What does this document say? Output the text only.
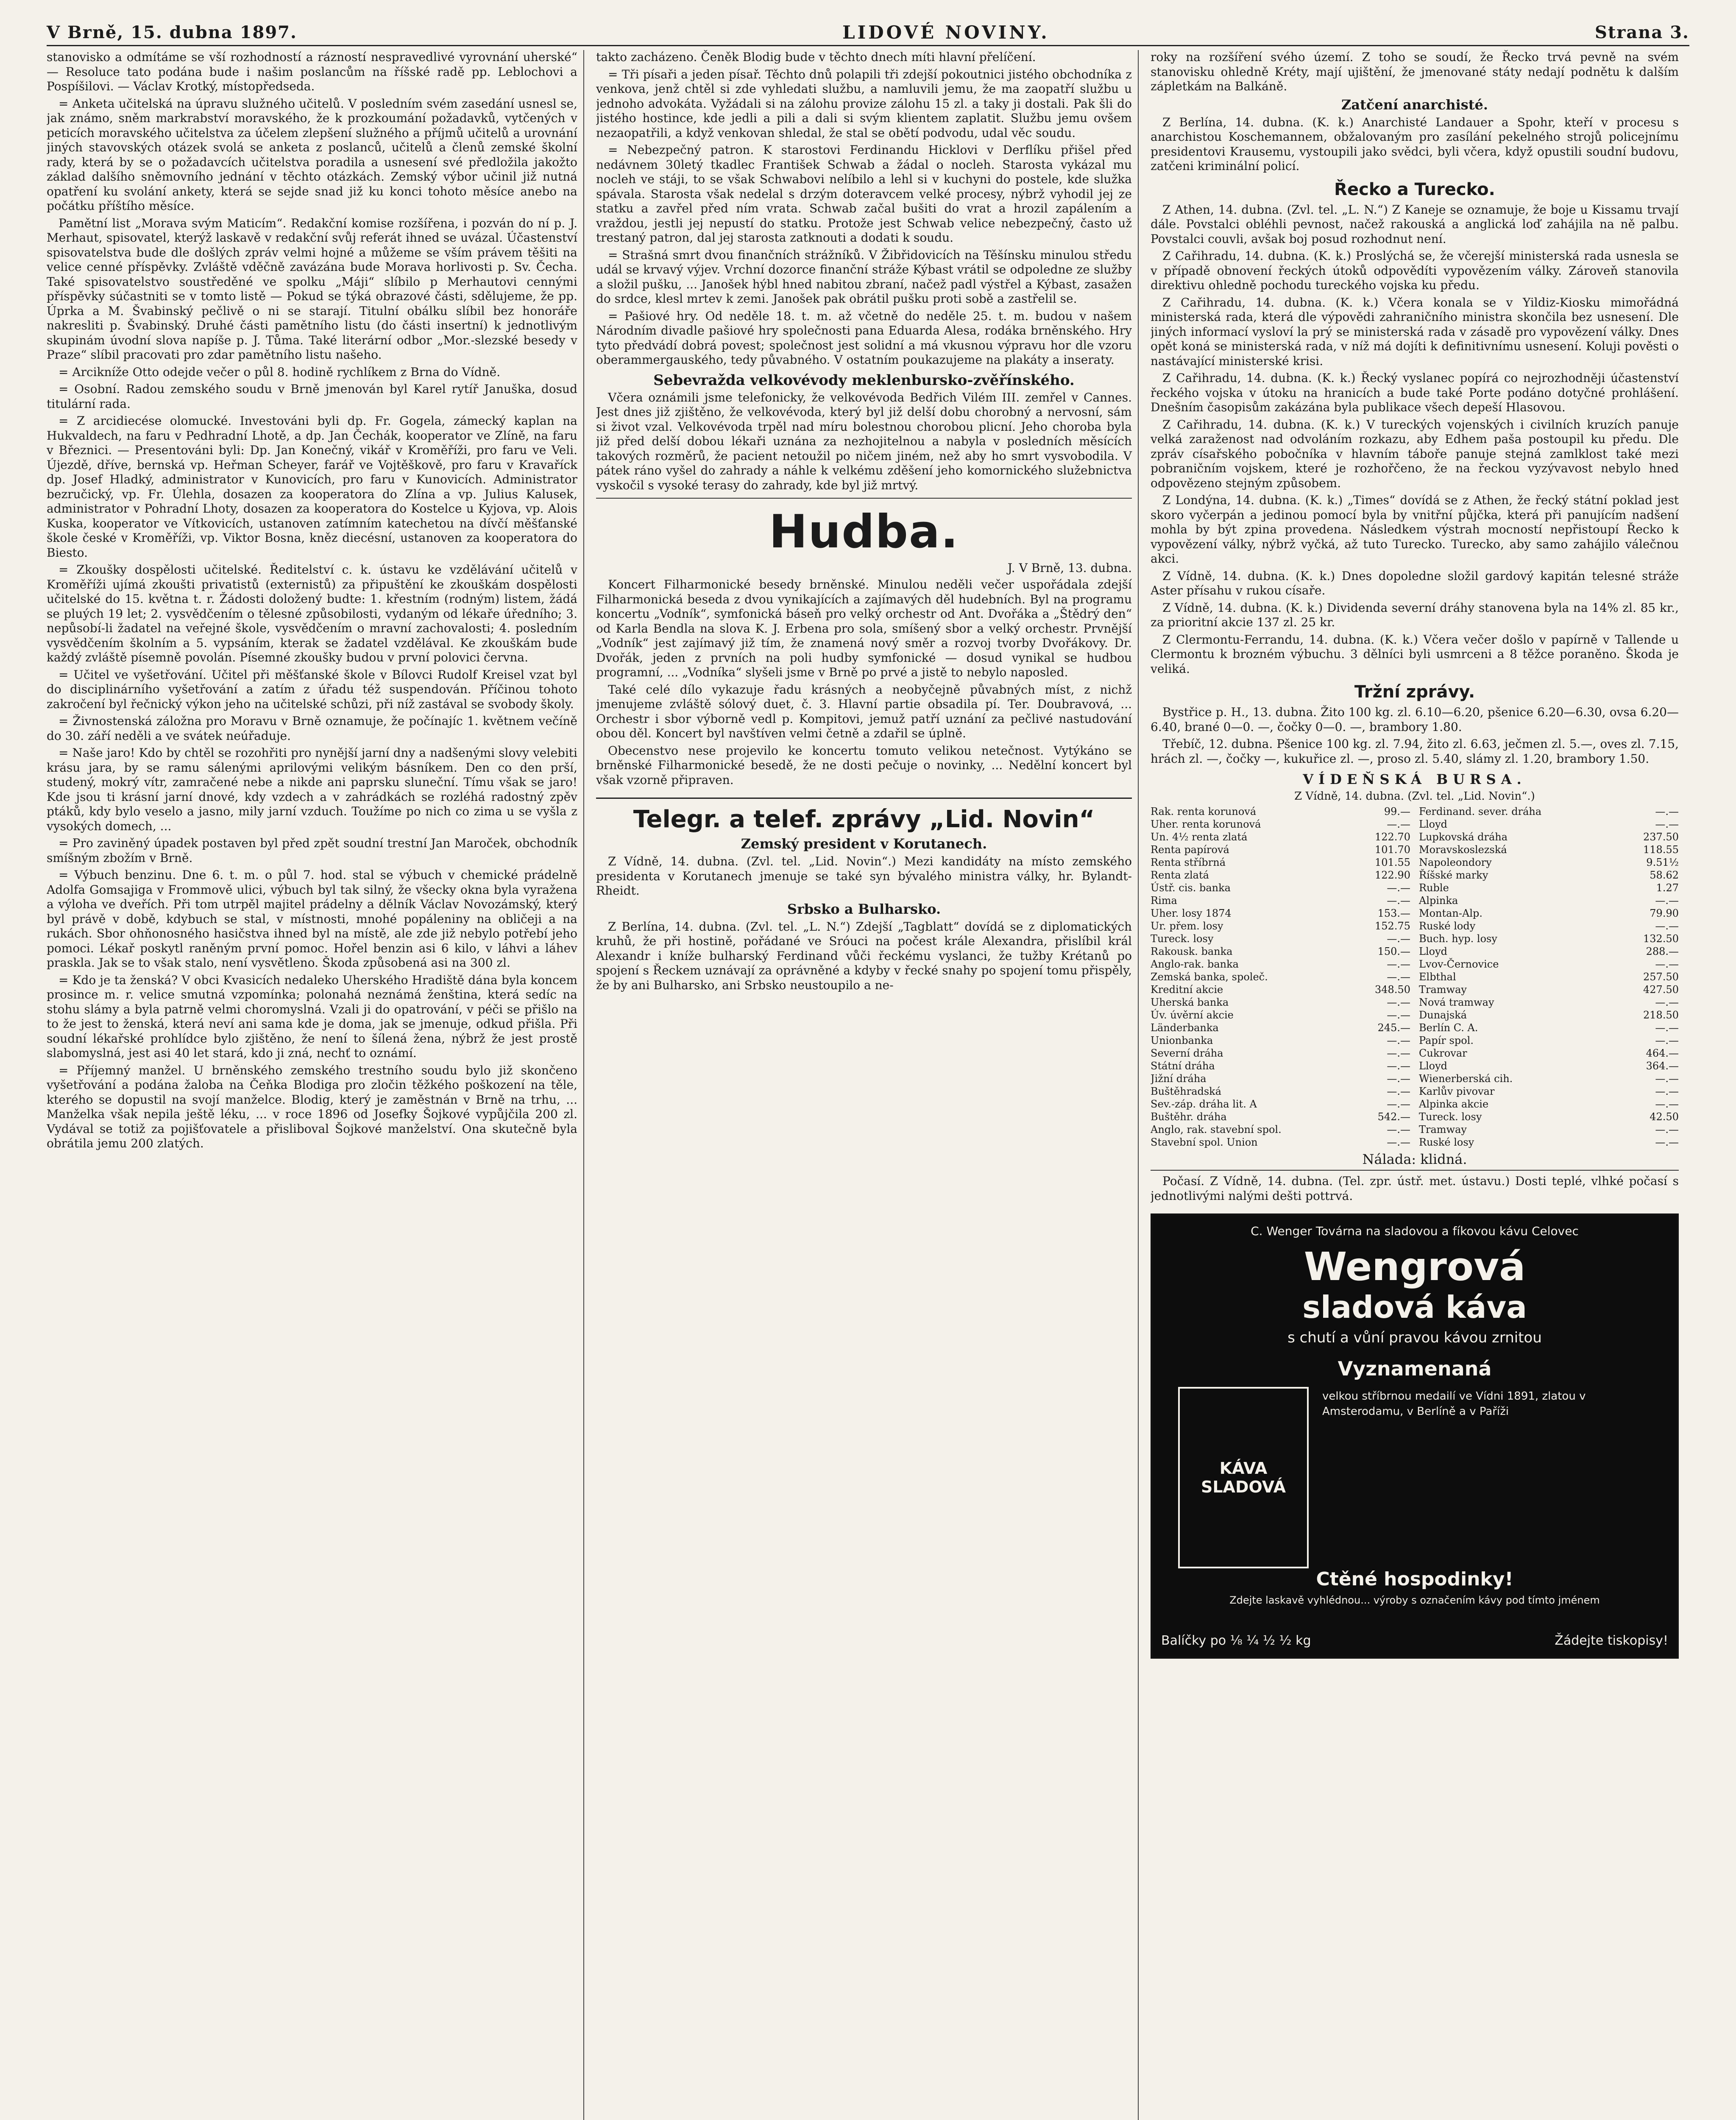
V Brně, 15. dubna 1897.	LIDOVÉ NOVINY.	Strana 3.

stanovisko a odmítáme se vší rozhodností a rázností nespravedlivé vyrovnání uherské“ — Resoluce tato podána bude i našim poslancům na říšské radě pp. Leblochovi a Pospíšilovi. — Václav Krotký, místopředseda.

= Anketa učitelská na úpravu služného učitelů. V posledním svém zasedání usnesl se, jak známo, sněm markrabství moravského, že k prozkoumání požadavků, vytčených v peticích moravského učitelstva za účelem zlepšení služného a příjmů učitelů a urovnání jiných stavovských otázek svolá se anketa z poslanců, učitelů a členů zemské školní rady, která by se o požadavcích učitelstva poradila a usnesení své předložila jakožto základ dalšího sněmovního jednání v těchto otázkách. Zemský výbor učinil již nutná opatření ku svolání ankety, která se sejde snad již ku konci tohoto měsíce anebo na počátku příštího měsíce.

Pamětní list „Morava svým Maticím“. Redakční komise rozšířena, i pozván do ní p. J. Merhaut, spisovatel, kterýž laskavě v redakční svůj referát ihned se uvázal. Účastenství spisovatelstva bude dle došlých zpráv velmi hojné a můžeme se vším právem těšiti na velice cenné příspěvky. Zvláště vděčně zavázána bude Morava horlivosti p. Sv. Čecha. Také spisovatelstvo soustředěné ve spolku „Máji“ slíbilo p Merhautovi cennými příspěvky súčastniti se v tomto listě — Pokud se týká obrazové části, sdělujeme, že pp. Úprka a M. Švabinský pečlivě o ni se starají. Titulní obálku slíbil bez honoráře nakresliti p. Švabinský. Druhé části pamětního listu (do části insertní) k jednotlivým skupinám úvodní slova napíše p. J. Tůma. Také literární odbor „Mor.-slezské besedy v Praze“ slíbil pracovati pro zdar pamětního listu našeho.

= Arcikníže Otto odejde večer o půl 8. hodině rychlíkem z Brna do Vídně.

= Osobní. Radou zemského soudu v Brně jmenován byl Karel rytíř Januška, dosud titulární rada.

= Z arcidiecése olomucké. Investováni byli dp. Fr. Gogela, zámecký kaplan na Hukvaldech, na faru v Pedhradní Lhotě, a dp. Jan Čechák, kooperator ve Zlíně, na faru v Březnici. — Presentováni byli: Dp. Jan Konečný, vikář v Kroměříži, pro faru ve Veli. Újezdě, dříve, bernská vp. Heřman Scheyer, farář ve Vojtěškově, pro faru v Kravaříck dp. Josef Hladký, administrator v Kunovicích, pro faru v Kunovicích. Administrator bezručický, vp. Fr. Úlehla, dosazen za kooperatora do Zlína a vp. Julius Kalusek, administrator v Pohradní Lhoty, dosazen za kooperatora do Kostelce u Kyjova, vp. Alois Kuska, kooperator ve Vítkovicích, ustanoven zatímním katechetou na dívčí měšťanské škole české v Kroměříži, vp. Viktor Bosna, kněz diecésní, ustanoven za kooperatora do Biesto.

= Zkoušky dospělosti učitelské. Ředitelství c. k. ústavu ke vzdělávání učitelů v Kroměříži ujímá zkoušti privatistů (externistů) za připuštění ke zkouškám dospělosti učitelské do 15. května t. r. Žádosti doložený budte: 1. křestním (rodným) listem, žádá se pluých 19 let; 2. vysvědčením o tělesné způsobilosti, vydaným od lékaře úředního; 3. nepůsobí-li žadatel na veřejné škole, vysvědčením o mravní zachovalosti; 4. posledním vysvědčením školním a 5. vypsáním, kterak se žadatel vzdělával. Ke zkouškám bude každý zvláště písemně povolán. Písemné zkoušky budou v první polovici června.

= Učitel ve vyšetřování. Učitel při měšťanské škole v Bílovci Rudolf Kreisel vzat byl do disciplinárního vyšetřování a zatím z úřadu též suspendován. Příčinou tohoto zakročení byl řečnický výkon jeho na učitelské schůzi, při níž zastával se svobody školy.

= Živnostenská záložna pro Moravu v Brně oznamuje, že počínajíc 1. květnem večíně do 30. září neděli a ve svátek neúřaduje.

= Naše jaro! Kdo by chtěl se rozohřiti pro nynější jarní dny a nadšenými slovy velebiti krásu jara, by se ramu sálenými aprilovými velikým básníkem. Den co den prší, studený, mokrý vítr, zamračené nebe a nikde ani paprsku sluneční. Tímu však se jaro! Kde jsou ti krásní jarní dnové, kdy vzdech a v zahrádkách se rozléhá radostný zpěv ptáků, kdy bylo veselo a jasno, mily jarní vzduch. Toužíme po nich co zima u se vyšla z vysokých domech, ...

= Pro zaviněný úpadek postaven byl před zpět soudní trestní Jan Maroček, obchodník smíšným zbožím v Brně.

= Výbuch benzinu. Dne 6. t. m. o půl 7. hod. stal se výbuch v chemické prádelně Adolfa Gomsajiga v Frommově ulici, výbuch byl tak silný, že všecky okna byla vyražena a výloha ve dveřích. Při tom utrpěl majitel prádelny a dělník Václav Novozámský, který byl právě v době, kdybuch se stal, v místnosti, mnohé popáleniny na obličeji a na rukách. Sbor ohňonosného hasičstva ihned byl na místě, ale zde již nebylo potřebí jeho pomoci. Lékař poskytl raněným první pomoc. Hořel benzin asi 6 kilo, v láhvi a láhev praskla. Jak se to však stalo, není vysvětleno. Škoda způsobená asi na 300 zl.

= Kdo je ta ženská? V obci Kvasicích nedaleko Uherského Hradiště dána byla koncem prosince m. r. velice smutná vzpomínka; polonahá neznámá ženština, která sedíc na stohu slámy a byla patrně velmi choromyslná. Vzali ji do opatrování, v péči se přišlo na to že jest to ženská, která neví ani sama kde je doma, jak se jmenuje, odkud přišla. Při soudní lékařské prohlídce bylo zjištěno, že není to šílená žena, nýbrž že jest prostě slabomyslná, jest asi 40 let stará, kdo ji zná, nechť to oznámí.

= Příjemný manžel. U brněnského zemského trestního soudu bylo již skončeno vyšetřování a podána žaloba na Čeňka Blodiga pro zločin těžkého poškození na těle, kterého se dopustil na svojí manželce. Blodig, který je zaměstnán v Brně na trhu, ... Manželka však nepila ještě léku, ... v roce 1896 od Josefky Šojkové vypůjčila 200 zl. Vydával se totiž za pojišťovatele a přisliboval Šojkové manželství. Ona skutečně byla obrátila jemu 200 zlatých.

takto zacházeno. Čeněk Blodig bude v těchto dnech míti hlavní přelíčení.

= Tři písaři a jeden písař. Těchto dnů polapili tři zdejší pokoutnici jistého obchodníka z venkova, jenž chtěl si zde vyhledati službu, a namluvili jemu, že ma zaopatří službu u jednoho advokáta. Vyžádali si na zálohu provize zálohu 15 zl. a taky ji dostali. Pak šli do jistého hostince, kde jedli a pili a dali si svým klientem zaplatit. Službu jemu ovšem nezaopatřili, a když venkovan shledal, že stal se obětí podvodu, udal věc soudu.

= Nebezpečný patron. K starostovi Ferdinandu Hicklovi v Derflíku přišel před nedávnem 30letý tkadlec František Schwab a žádal o nocleh. Starosta vykázal mu nocleh ve stáji, to se však Schwabovi nelíbilo a lehl si v kuchyni do postele, kde služka spávala. Starosta však nedelal s drzým doteravcem velké procesy, nýbrž vyhodil jej ze statku a zavřel před ním vrata. Schwab začal bušiti do vrat a hrozil zapálením a vraždou, jestli jej nepustí do statku. Protože jest Schwab velice nebezpečný, často už trestaný patron, dal jej starosta zatknouti a dodati k soudu.

= Strašná smrt dvou finančních strážníků. V Žibřidovicích na Těšínsku minulou středu udál se krvavý výjev. Vrchní dozorce finanční stráže Kýbast vrátil se odpoledne ze služby a složil pušku, ... Janošek hýbl hned nabitou zbraní, načež padl výstřel a Kýbast, zasažen do srdce, klesl mrtev k zemi. Janošek pak obrátil pušku proti sobě a zastřelil se.

= Pašiové hry. Od neděle 18. t. m. až včetně do neděle 25. t. m. budou v našem Národním divadle pašiové hry společnosti pana Eduarda Alesa, rodáka brněnského. Hry tyto předvádí dobrá povest; společnost jest solidní a má vkusnou výpravu hor dle vzoru oberammergauského, tedy půvabného. V ostatním poukazujeme na plakáty a inseraty.

Sebevražda velkovévody meklenbursko-zvěřínského.

Včera oznámili jsme telefonicky, že velkovévoda Bedřich Vilém III. zemřel v Cannes. Jest dnes již zjištěno, že velkovévoda, který byl již delší dobu chorobný a nervosní, sám si život vzal. Velkovévoda trpěl nad míru bolestnou chorobou plicní. Jeho choroba byla již před delší dobou lékaři uznána za nezhojitelnou a nabyla v posledních měsících takových rozměrů, že pacient netoužil po ničem jiném, než aby ho smrt vysvobodila. V pátek ráno vyšel do zahrady a náhle k velkému zděšení jeho komornického služebnictva vyskočil s vysoké terasy do zahrady, kde byl již mrtvý.

Hudba.
J. V Brně, 13. dubna.

Koncert Filharmonické besedy brněnské. Minulou neděli večer uspořádala zdejší Filharmonická beseda z dvou vynikajících a zajímavých děl hudebních. Byl na programu koncertu „Vodník“, symfonická báseň pro velký orchestr od Ant. Dvořáka a „Štědrý den“ od Karla Bendla na slova K. J. Erbena pro sola, smíšený sbor a velký orchestr. Prvnější „Vodník“ jest zajímavý již tím, že znamená nový směr a rozvoj tvorby Dvořákovy. Dr. Dvořák, jeden z prvních na poli hudby symfonické — dosud vynikal se hudbou programní, ... „Vodníka“ slyšeli jsme v Brně po prvé a jistě to nebylo naposled.

Také celé dílo vykazuje řadu krásných a neobyčejně půvabných míst, z nichž jmenujeme zvláště sólový duet, č. 3. Hlavní partie obsadila pí. Ter. Doubravová, ... Orchestr i sbor výborně vedl p. Kompitovi, jemuž patří uznání za pečlivé nastudování obou děl. Koncert byl navštíven velmi četně a zdařil se úplně.

Obecenstvo nese projevilo ke koncertu tomuto velikou netečnost. Vytýkáno se brněnské Filharmonické besedě, že ne dosti pečuje o novinky, ... Nedělní koncert byl však vzorně připraven.

Telegr. a telef. zprávy „Lid. Novin“
Zemský president v Korutanech.

Z Vídně, 14. dubna. (Zvl. tel. „Lid. Novin“.) Mezi kandidáty na místo zemského presidenta v Korutanech jmenuje se také syn bývalého ministra války, hr. Bylandt-Rheidt.

Srbsko a Bulharsko.

Z Berlína, 14. dubna. (Zvl. tel. „L. N.“) Zdejší „Tagblatt“ dovídá se z diplomatických kruhů, že při hostině, pořádané ve Sróuci na počest krále Alexandra, přislíbil král Alexandr i kníže bulharský Ferdinand vůči řeckému vyslanci, že tužby Krétanů po spojení s Řeckem uznávají za oprávněné a kdyby v řecké snahy po spojení tomu přispěly, že by ani Bulharsko, ani Srbsko neustoupilo a ne-

roky na rozšíření svého území. Z toho se soudí, že Řecko trvá pevně na svém stanovisku ohledně Kréty, mají ujištění, že jmenované státy nedají podnětu k dalším zápletkám na Balkáně.

Zatčení anarchisté.

Z Berlína, 14. dubna. (K. k.) Anarchisté Landauer a Spohr, kteří v procesu s anarchistou Koschemannem, obžalovaným pro zasílání pekelného strojů policejnímu presidentovi Krausemu, vystoupili jako svědci, byli včera, když opustili soudní budovu, zatčeni kriminální policí.

Řecko a Turecko.

Z Athen, 14. dubna. (Zvl. tel. „L. N.“) Z Kaneje se oznamuje, že boje u Kissamu trvají dále. Povstalci obléhli pevnost, načež rakouská a anglická loď zahájila na ně palbu. Povstalci couvli, avšak boj posud rozhodnut není.

Z Cařihradu, 14. dubna. (K. k.) Proslýchá se, že včerejší ministerská rada usnesla se v případě obnovení řeckých útoků odpovědíti vypovězením války. Zároveň stanovila direktivu ohledně pochodu tureckého vojska ku předu.

Z Cařihradu, 14. dubna. (K. k.) Včera konala se v Yildiz-Kiosku mimořádná ministerská rada, která dle výpovědi zahraničního ministra skončila bez usnesení. Dle jiných informací vysloví la prý se ministerská rada v zásadě pro vypovězení války. Dnes opět koná se ministerská rada, v níž má dojíti k definitivnímu usnesení. Koluji pověsti o nastávající ministerské krisi.

Z Cařihradu, 14. dubna. (K. k.) Řecký vyslanec popírá co nejrozhodněji účastenství řeckého vojska v útoku na hranicích a bude také Porte podáno dotyčné prohlášení. Dnešním časopisům zakázána byla publikace všech depeší Hlasovou.

Z Cařihradu, 14. dubna. (K. k.) V tureckých vojenských i civilních kruzích panuje velká zaraženost nad odvoláním rozkazu, aby Edhem paša postoupil ku předu. Dle zpráv císařského pobočníka v hlavním táboře panuje stejná zamlklost také mezi pobraničním vojskem, které je rozhořčeno, že na řeckou vyzývavost nebylo hned odpovězeno stejným způsobem.

Z Londýna, 14. dubna. (K. k.) „Times“ dovídá se z Athen, že řecký státní poklad jest skoro vyčerpán a jedinou pomocí byla by vnitřní půjčka, která při panujícím nadšení mohla by být zpina provedena. Následkem výstrah mocností nepřistoupí Řecko k vypovězení války, nýbrž vyčká, až tuto Turecko. Turecko, aby samo zahájilo válečnou akci.

Z Vídně, 14. dubna. (K. k.) Dnes dopoledne složil gardový kapitán telesné stráže Aster přísahu v rukou císaře.

Z Vídně, 14. dubna. (K. k.) Dividenda severní dráhy stanovena byla na 14% zl. 85 kr., za prioritní akcie 137 zl. 25 kr.

Z Clermontu-Ferrandu, 14. dubna. (K. k.) Včera večer došlo v papírně v Tallende u Clermontu k brozném výbuchu. 3 dělníci byli usmrceni a 8 těžce poraněno. Škoda je veliká.

Tržní zprávy.

Bystřice p. H., 13. dubna. Žito 100 kg. zl. 6.10—6.20, pšenice 6.20—6.30, ovsa 6.20—6.40, brané 0—0. —, čočky 0—0. —, brambory 1.80.

Třebíč, 12. dubna. Pšenice 100 kg. zl. 7.94, žito zl. 6.63, ječmen zl. 5.—, oves zl. 7.15, hrách zl. —, čočky —, kukuřice zl. —, proso zl. 5.40, slámy zl. 1.20, brambory 1.50.

VÍDEŇSKÁ BURSA.
Z Vídně, 14. dubna. (Zvl. tel. „Lid. Novin“.)
Rak. renta korunová	99.—
Uher. renta korunová	—.—
Un. 4½ renta zlatá	122.70
Renta papírová	101.70
Renta stříbrná	101.55
Renta zlatá	122.90
Ústř. cis. banka	—.—
Rima	—.—
Uher. losy 1874	153.—
Ur. přem. losy	152.75
Tureck. losy	—.—
Rakousk. banka	150.—
Anglo-rak. banka	—.—
Zemská banka, společ.	—.—
Kreditní akcie	348.50
Uherská banka	—.—
Úv. úvěrní akcie	—.—
Länderbanka	245.—
Unionbanka	—.—
Severní dráha	—.—
Státní dráha	—.—
Jižní dráha	—.—
Buštěhradská	—.—
Sev.-záp. dráha lit. A	—.—
Buštěhr. dráha	542.—
Anglo, rak. stavební spol.	—.—
Stavební spol. Union	—.—
Ferdinand. sever. dráha	—.—
Lloyd	—.—
Lupkovská dráha	237.50
Moravskoslezská	118.55
Napoleondory	9.51½
Říšské marky	58.62
Ruble	1.27
Alpinka	—.—
Montan-Alp.	79.90
Ruské lody	—.—
Buch. hyp. losy	132.50
Lloyd	288.—
Lvov-Černovice	—.—
Elbthal	257.50
Tramway	427.50
Nová tramway	—.—
Dunajská	218.50
Berlín C. A.	—.—
Papír spol.	—.—
Cukrovar	464.—
Lloyd	364.—
Wienerberská cih.	—.—
Karlův pivovar	—.—
Alpinka akcie	—.—
Tureck. losy	42.50
Tramway	—.—
Ruské losy	—.—
Nálada: klidná.

Počasí. Z Vídně, 14. dubna. (Tel. zpr. ústř. met. ústavu.) Dosti teplé, vlhké počasí s jednotlivými nalými dešti pottrvá.

C. Wenger Továrna na sladovou a fíkovou kávu Celovec
Wengrová
sladová káva
s chutí a vůní pravou kávou zrnitou
Vyznamenaná
KÁVA SLADOVÁ
velkou stříbrnou medailí ve Vídni 1891, zlatou v Amsterodamu, v Berlíně a v Paříži
Ctěné hospodinky!
Zdejte laskavě vyhlédnou... výroby s označením kávy pod tímto jménem
Balíčky po ⅛ ¼ ½ ½ kg	Žádejte tiskopisy!
